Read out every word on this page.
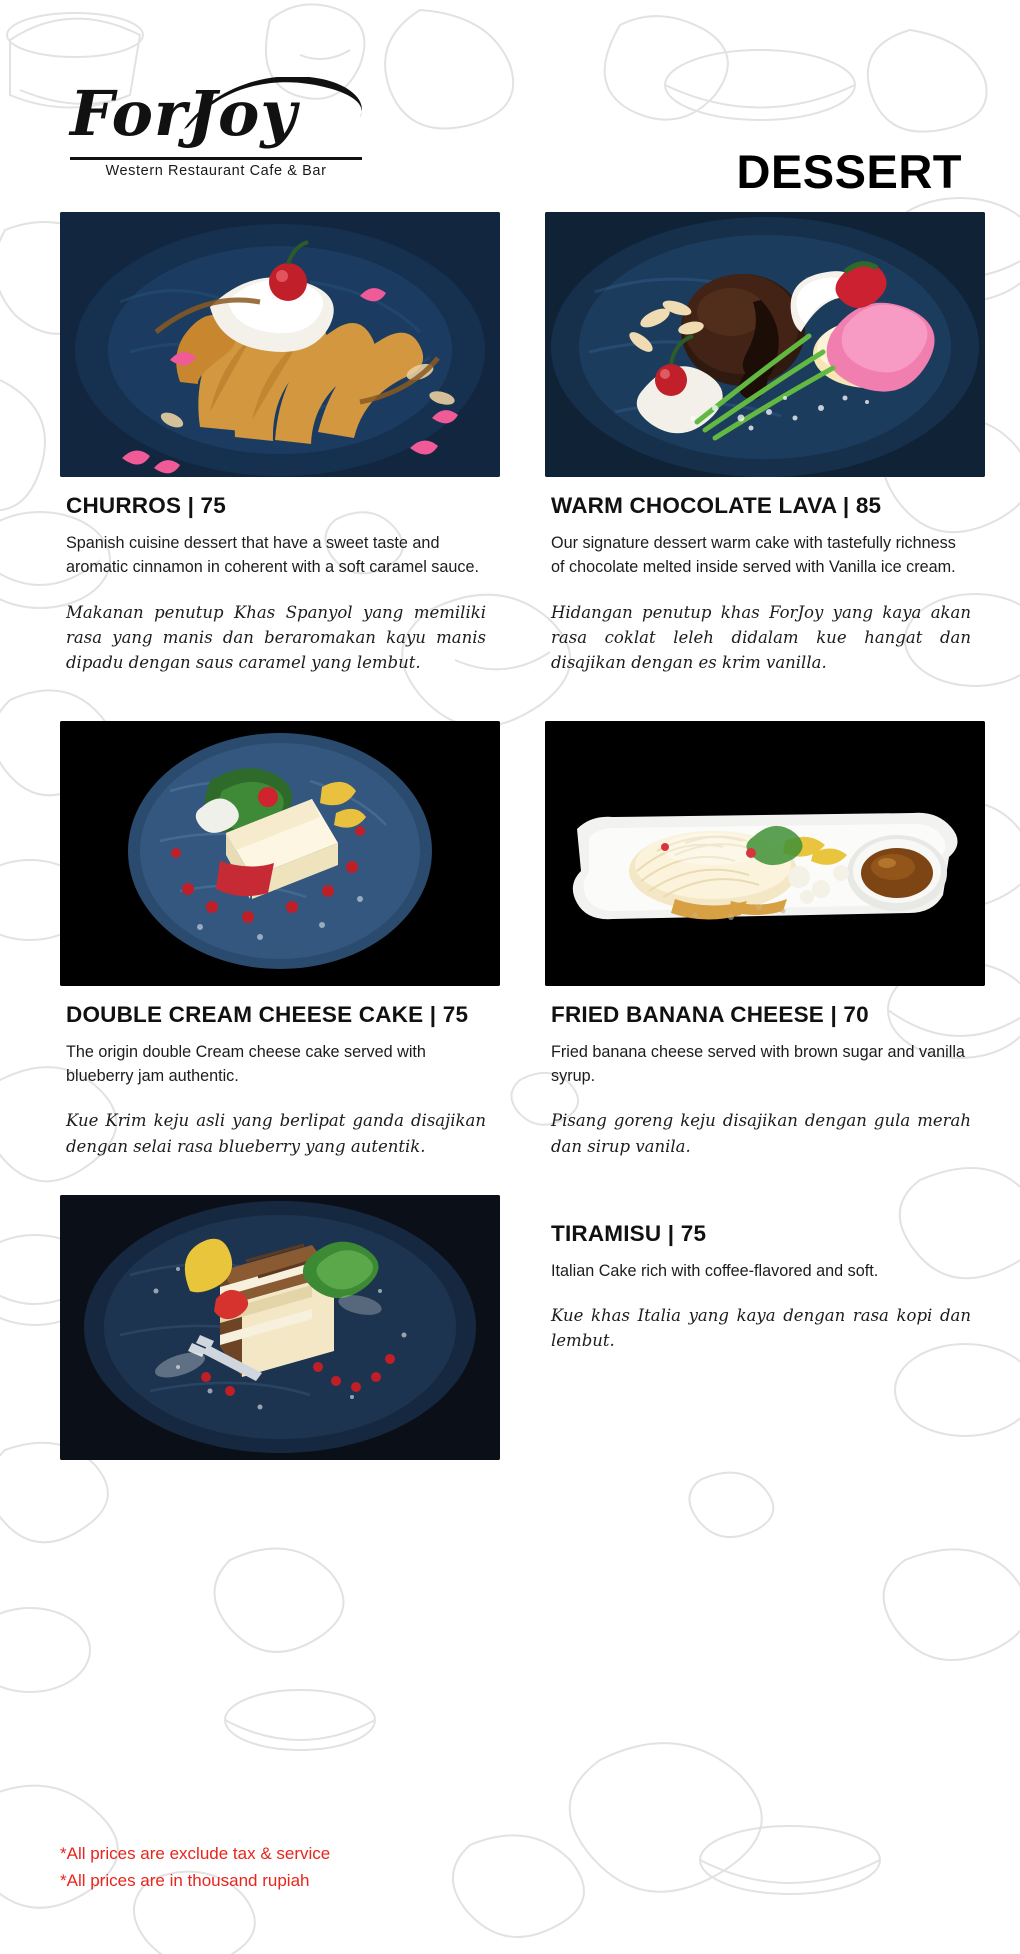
ForJoy
Western Restaurant Cafe & Bar	DESSERT
CHURROS | 75
Spanish cuisine dessert that have a sweet taste and aromatic cinnamon in coherent with a soft caramel sauce.
Makanan penutup Khas Spanyol yang memiliki rasa yang manis dan beraromakan kayu manis dipadu dengan saus caramel yang lembut.
DOUBLE CREAM CHEESE CAKE | 75
The origin double Cream cheese cake served with blueberry jam authentic.
Kue Krim keju asli yang berlipat ganda disajikan dengan selai rasa blueberry yang autentik.
WARM CHOCOLATE LAVA | 85
Our signature dessert warm cake with tastefully richness of chocolate melted inside served with Vanilla ice cream.
Hidangan penutup khas ForJoy yang kaya akan rasa coklat leleh didalam kue hangat dan disajikan dengan es krim vanilla.
FRIED BANANA CHEESE | 70
Fried banana cheese served with brown sugar and vanilla syrup.
Pisang goreng keju disajikan dengan gula merah dan sirup vanila.
TIRAMISU | 75
Italian Cake rich with coffee-flavored and soft.
Kue khas Italia yang kaya dengan rasa kopi dan lembut.
*All prices are exclude tax & service
*All prices are in thousand rupiah
